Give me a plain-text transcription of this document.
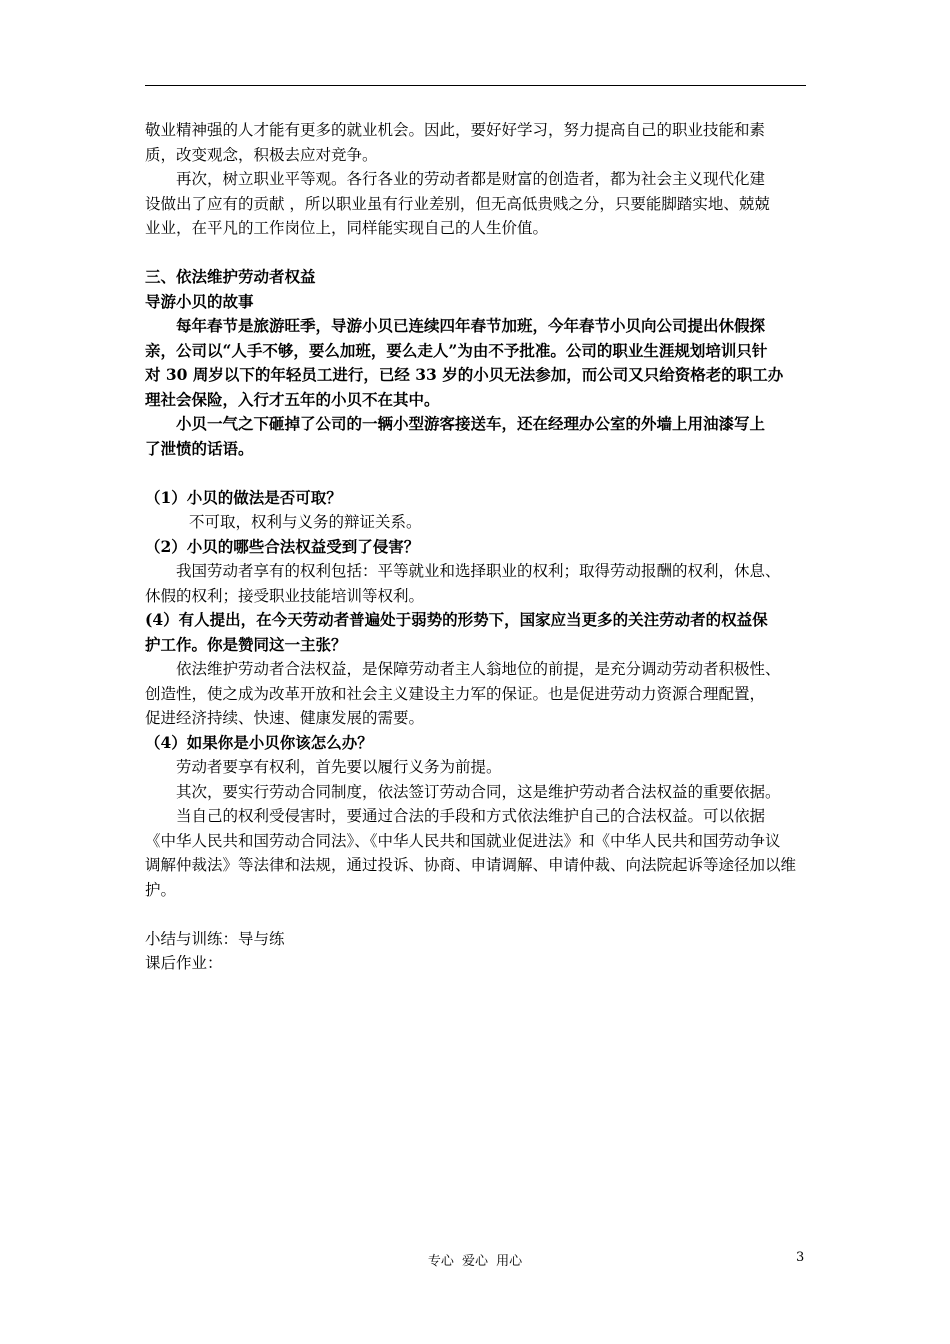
敬业精神强的人才能有更多的就业机会。因此，要好好学习，努力提高自己的职业技能和素
质，改变观念，积极去应对竞争。
再次，树立职业平等观。各行各业的劳动者都是财富的创造者，都为社会主义现代化建
设做出了应有的贡献 ，所以职业虽有行业差别，但无高低贵贱之分，只要能脚踏实地、兢兢
业业，在平凡的工作岗位上，同样能实现自己的人生价值。
三、依法维护劳动者权益
导游小贝的故事
每年春节是旅游旺季，导游小贝已连续四年春节加班，今年春节小贝向公司提出休假探
亲，公司以“人手不够，要么加班，要么走人”为由不予批准。公司的职业生涯规划培训只针
对 30 周岁以下的年轻员工进行，已经 33 岁的小贝无法参加，而公司又只给资格老的职工办
理社会保险，入行才五年的小贝不在其中。
小贝一气之下砸掉了公司的一辆小型游客接送车，还在经理办公室的外墙上用油漆写上
了泄愤的话语。
（1）小贝的做法是否可取？
不可取，权利与义务的辩证关系。
（2）小贝的哪些合法权益受到了侵害？
我国劳动者享有的权利包括：平等就业和选择职业的权利；取得劳动报酬的权利，休息、
休假的权利；接受职业技能培训等权利。
(4）有人提出，在今天劳动者普遍处于弱势的形势下，国家应当更多的关注劳动者的权益保
护工作。你是赞同这一主张？
依法维护劳动者合法权益，是保障劳动者主人翁地位的前提，是充分调动劳动者积极性、
创造性，使之成为改革开放和社会主义建设主力军的保证。也是促进劳动力资源合理配置，
促进经济持续、快速、健康发展的需要。
（4）如果你是小贝你该怎么办？
劳动者要享有权利，首先要以履行义务为前提。
其次，要实行劳动合同制度，依法签订劳动合同，这是维护劳动者合法权益的重要依据。
当自己的权利受侵害时，要通过合法的手段和方式依法维护自己的合法权益。可以依据
《中华人民共和国劳动合同法》、《中华人民共和国就业促进法》和《中华人民共和国劳动争议
调解仲裁法》等法律和法规，通过投诉、协商、申请调解、申请仲裁、向法院起诉等途径加以维
护。
小结与训练：导与练
课后作业：
专心 爱心 用心	3
